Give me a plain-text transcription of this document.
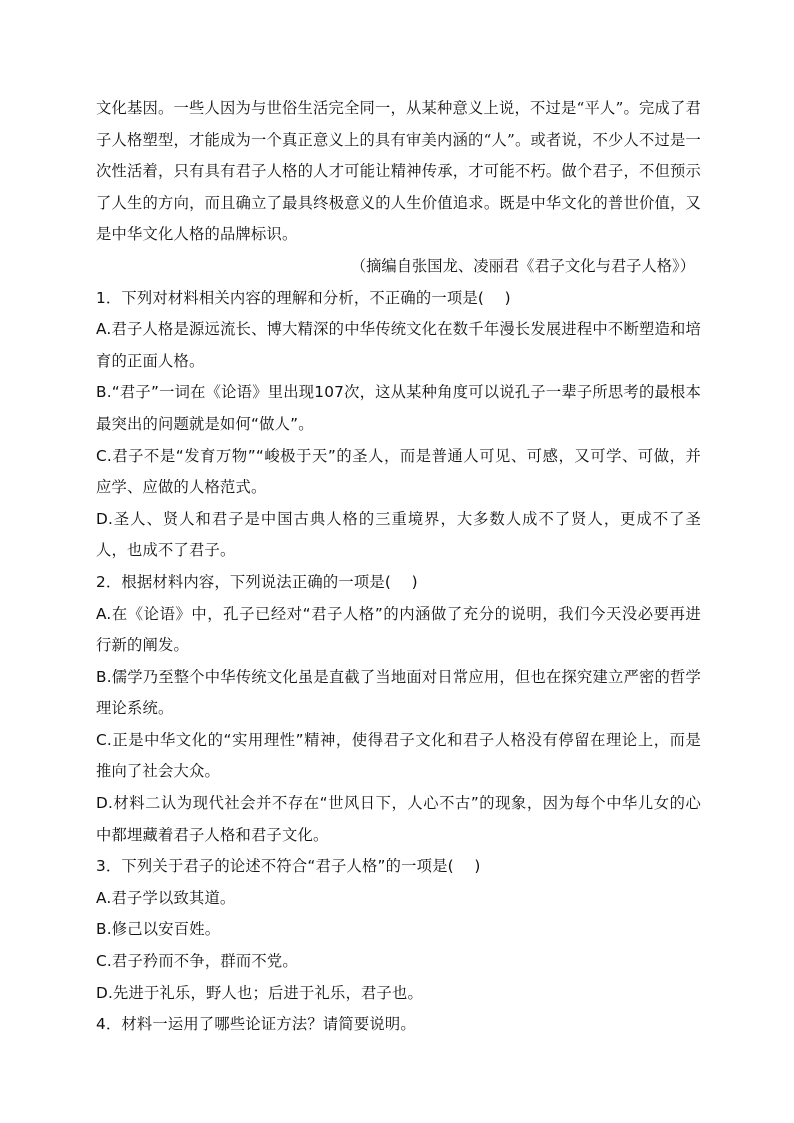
文化基因。一些人因为与世俗生活完全同一，从某种意义上说，不过是“平人”。完成了君子人格塑型，才能成为一个真正意义上的具有审美内涵的“人”。或者说，不少人不过是一次性活着，只有具有君子人格的人才可能让精神传承，才可能不朽。做个君子，不但预示了人生的方向，而且确立了最具终极意义的人生价值追求。既是中华文化的普世价值，又是中华文化人格的品牌标识。

（摘编自张国龙、凌丽君《君子文化与君子人格》）

1．下列对材料相关内容的理解和分析，不正确的一项是(　 )

A.君子人格是源远流长、博大精深的中华传统文化在数千年漫长发展进程中不断塑造和培育的正面人格。

B.“君子”一词在《论语》里出现107次，这从某种角度可以说孔子一辈子所思考的最根本最突出的问题就是如何“做人”。

C.君子不是“发育万物”“峻极于天”的圣人，而是普通人可见、可感，又可学、可做，并应学、应做的人格范式。

D.圣人、贤人和君子是中国古典人格的三重境界，大多数人成不了贤人，更成不了圣人，也成不了君子。

2．根据材料内容，下列说法正确的一项是(　 )

A.在《论语》中，孔子已经对“君子人格”的内涵做了充分的说明，我们今天没必要再进行新的阐发。

B.儒学乃至整个中华传统文化虽是直截了当地面对日常应用，但也在探究建立严密的哲学理论系统。

C.正是中华文化的“实用理性”精神，使得君子文化和君子人格没有停留在理论上，而是推向了社会大众。

D.材料二认为现代社会并不存在“世风日下，人心不古”的现象，因为每个中华儿女的心中都埋藏着君子人格和君子文化。

3．下列关于君子的论述不符合“君子人格”的一项是(　 )

A.君子学以致其道。

B.修己以安百姓。

C.君子矜而不争，群而不党。

D.先进于礼乐，野人也；后进于礼乐，君子也。

4．材料一运用了哪些论证方法？请简要说明。
